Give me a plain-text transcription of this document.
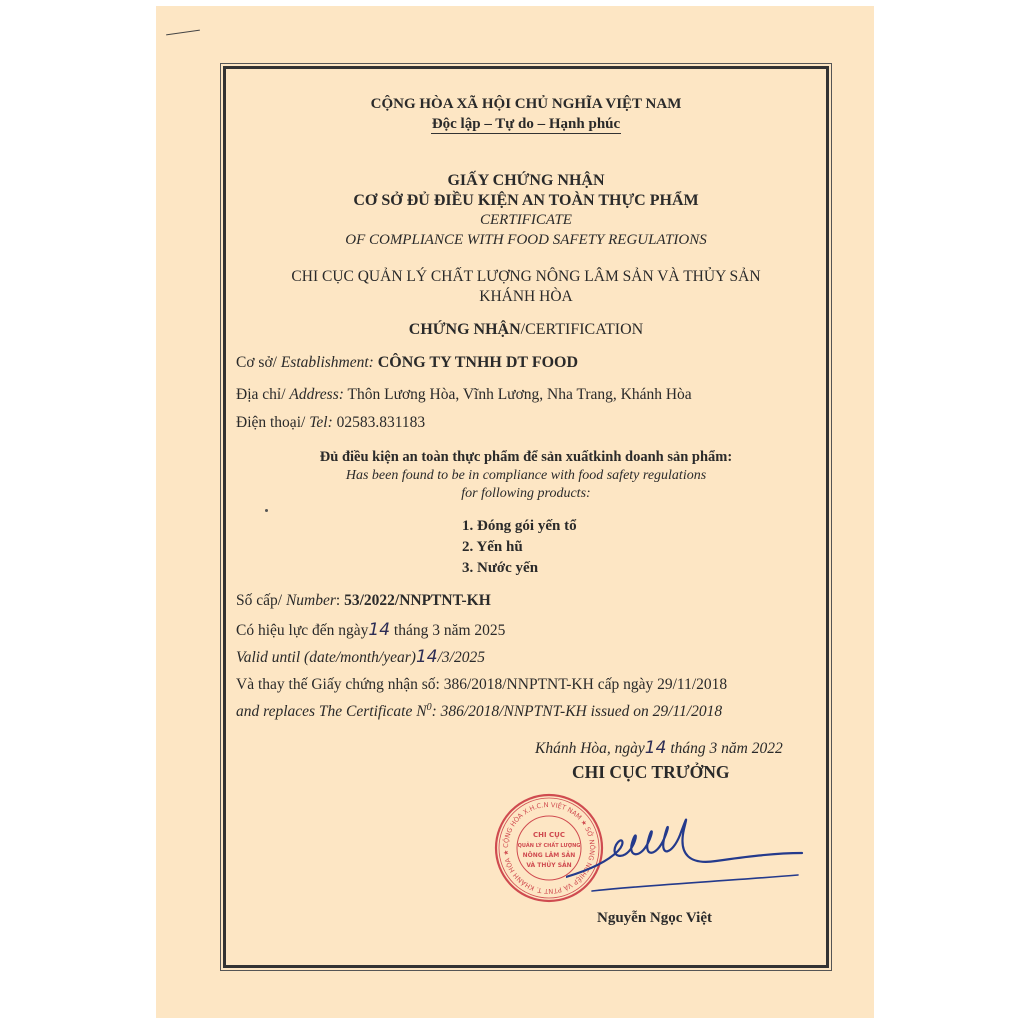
CỘNG HÒA XÃ HỘI CHỦ NGHĨA VIỆT NAM
Độc lập – Tự do – Hạnh phúc
GIẤY CHỨNG NHẬN
CƠ SỞ ĐỦ ĐIỀU KIỆN AN TOÀN THỰC PHẨM
CERTIFICATE
OF COMPLIANCE WITH FOOD SAFETY REGULATIONS
CHI CỤC QUẢN LÝ CHẤT LƯỢNG NÔNG LÂM SẢN VÀ THỦY SẢN
KHÁNH HÒA
CHỨNG NHẬN/CERTIFICATION
Cơ sở/ Establishment: CÔNG TY TNHH DT FOOD
Địa chỉ/ Address: Thôn Lương Hòa, Vĩnh Lương, Nha Trang, Khánh Hòa
Điện thoại/ Tel: 02583.831183
Đủ điều kiện an toàn thực phẩm để sản xuấtkinh doanh sản phẩm:
Has been found to be in compliance with food safety regulations
for following products:
1. Đóng gói yến tổ
2. Yến hũ
3. Nước yến
Số cấp/ Number: 53/2022/NNPTNT-KH
Có hiệu lực đến ngày14 tháng 3 năm 2025
Valid until (date/month/year)14/3/2025
Và thay thế Giấy chứng nhận số: 386/2018/NNPTNT-KH cấp ngày 29/11/2018
and replaces The Certificate $N^0$: 386/2018/NNPTNT-KH issued on 29/11/2018
Khánh Hòa, ngày14 tháng 3 năm 2022
CHI CỤC TRƯỞNG
CỘNG HÒA X.H.C.N VIỆT NAM ★ SỞ NÔNG NGHIỆP VÀ PTNT T. KHÁNH HÒA ★
CHI CỤC
QUẢN LÝ CHẤT LƯỢNG
NÔNG LÂM SẢN
VÀ THỦY SẢN
Nguyễn Ngọc Việt
